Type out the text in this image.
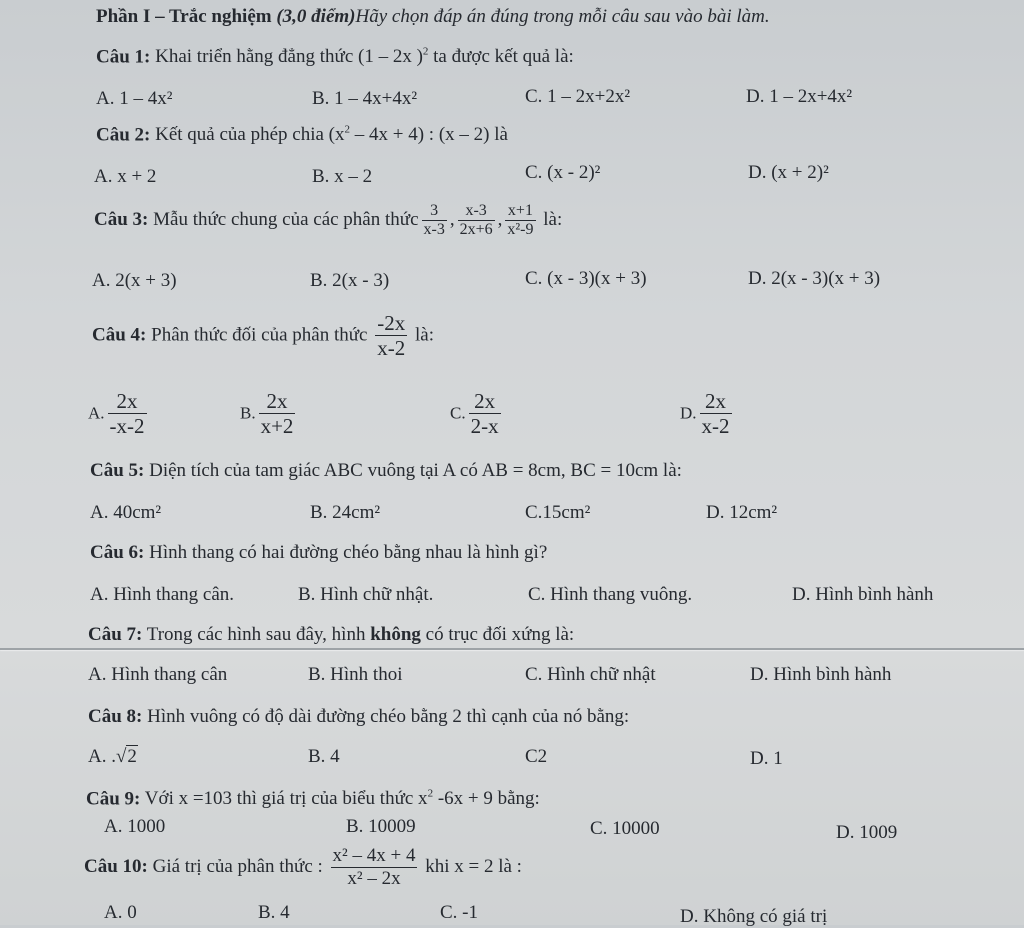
Phần I – Trắc nghiệm (3,0 điểm)Hãy chọn đáp án đúng trong mỗi câu sau vào bài làm.
Câu 1: Khai triển hằng đẳng thức (1 – 2x )$^2$ ta được kết quả là:
A. 1 – 4x²	B. 1 – 4x+4x²	C. 1 – 2x+2x²	D. 1 – 2x+4x²
Câu 2: Kết quả của phép chia $(x^2 - 4x + 4)$ : (x – 2) là
A. x + 2	B. x – 2	C. (x - 2)²	D. (x + 2)²
Câu 3: Mẫu thức chung của các phân thức $\frac{3}{x-3}$ , $\frac{x-3}{2x+6}$ , $\frac{x+1}{\text{x²-9}}$ là:
A. 2(x + 3)	B. 2(x - 3)	C. (x - 3)(x + 3)	D. 2(x - 3)(x + 3)
Câu 4: Phân thức đối của phân thức $\frac{-2x}{x-2}$ là:
A. $\frac{2x}{-x-2}$	B. $\frac{2x}{x+2}$	C. $\frac{2x}{2-x}$	D. $\frac{2x}{x-2}$
Câu 5: Diện tích của tam giác ABC vuông tại A có AB = 8cm, BC = 10cm là:
A. 40cm²	B. 24cm²	C.15cm²	D. 12cm²
Câu 6: Hình thang có hai đường chéo bằng nhau là hình gì?
A. Hình thang cân.	B. Hình chữ nhật.	C. Hình thang vuông.	D. Hình bình hành
Câu 7: Trong các hình sau đây, hình không có trục đối xứng là:
A. Hình thang cân	B. Hình thoi	C. Hình chữ nhật	D. Hình bình hành
Câu 8: Hình vuông có độ dài đường chéo bằng 2 thì cạnh của nó bằng:
A. .√2	B. 4	C2	D. 1
Câu 9: Với x =103 thì giá trị của biểu thức $x^2$ -6x + 9 bằng:
A. 1000	B. 10009	C. 10000	D. 1009
Câu 10: Giá trị của phân thức : $\frac{\text{x² – 4x + 4}}{\text{x² – 2x}}$ khi x = 2 là :
A. 0	B. 4	C. -1	D. Không có giá trị
